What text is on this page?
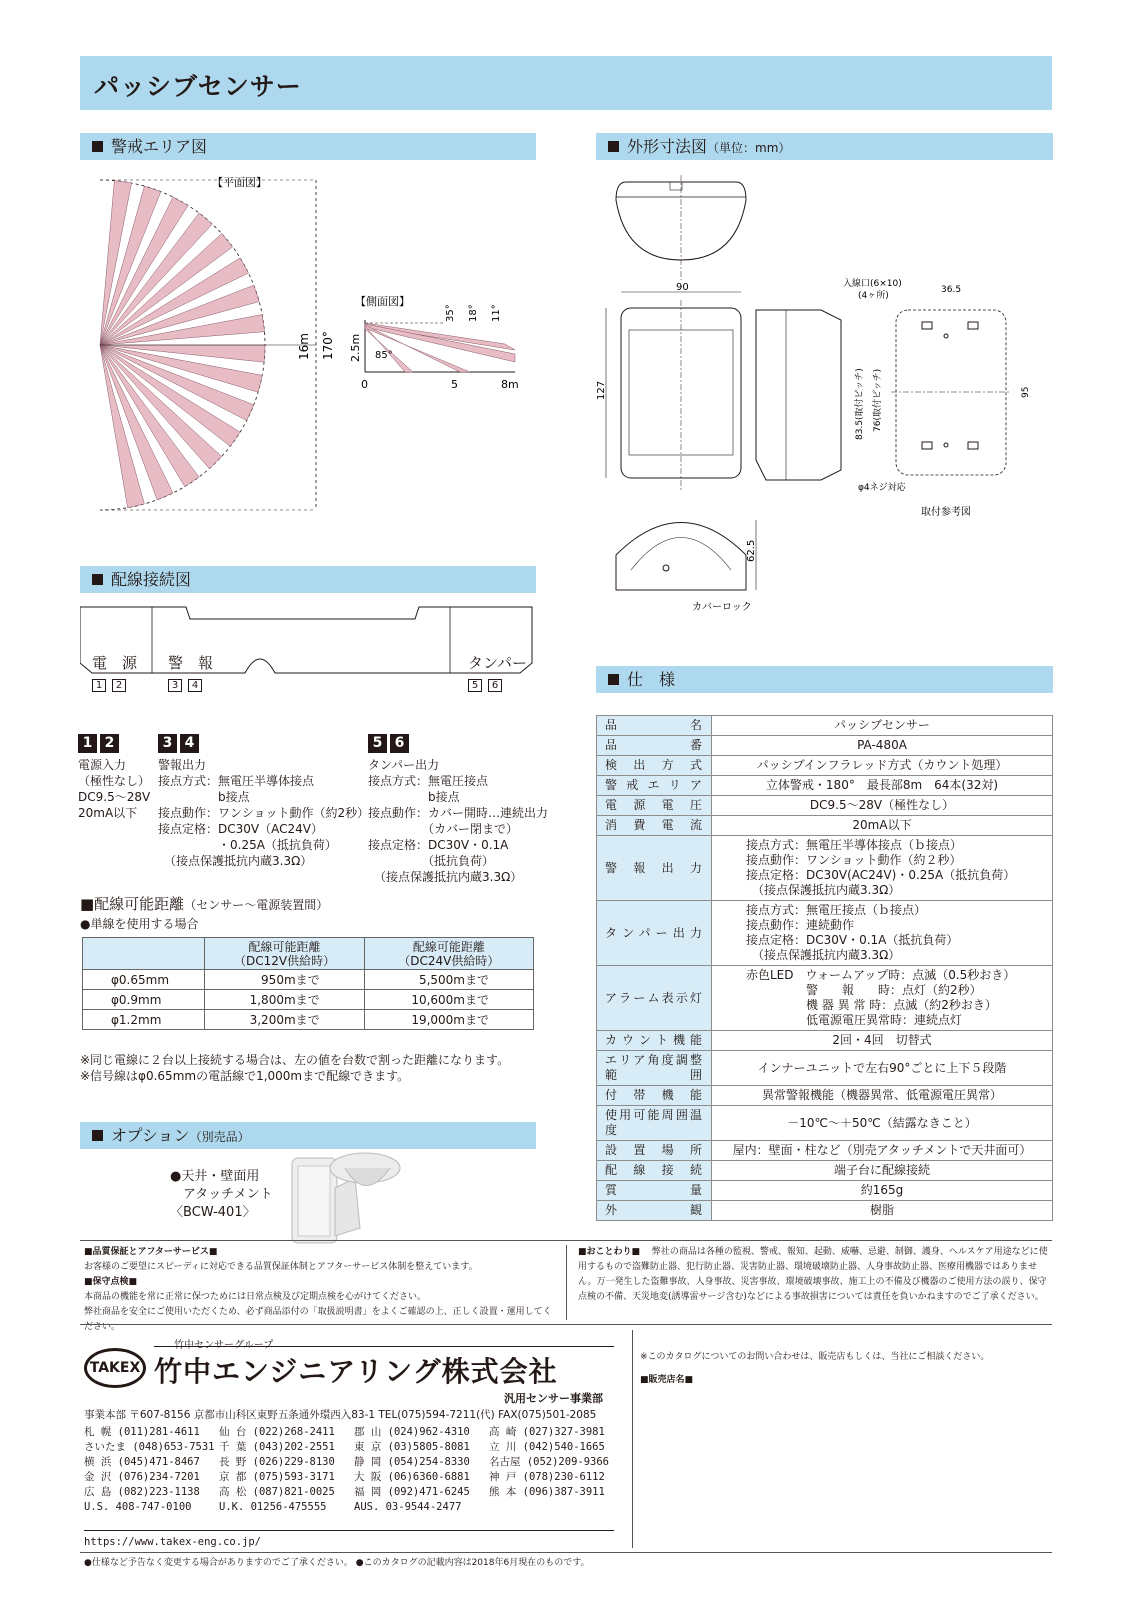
パッシブセンサー
警戒エリア図	外形寸法図（単位：mm）
配線接続図
仕　様
オプション（別売品）
【平面図】
170°
16m
【側面図】
2.5m
35° 18° 11°
85°
0	5	8m
90
127
62.5
カバーロック
入線口(6×10)
(4ヶ所)
36.5
83.5(取付ピッチ) 76(取付ピッチ)	95
φ4ネジ対応
取付参考図
電　源
1 2
警　報
3 4
タンパー
5 6
1 2
電源入力
（極性なし）
DC9.5～28V
20mA以下
3 4
警報出力
接点方式：無電圧半導体接点
　　　　　b接点
接点動作：ワンショット動作（約2秒）
接点定格：DC30V（AC24V）
　　　　　・0.25A（抵抗負荷）
　（接点保護抵抗内蔵3.3Ω）
5 6
タンパー出力
接点方式：無電圧接点
　　　　　b接点
接点動作：カバー開時…連続出力
　　　　　（カバー閉まで）
接点定格：DC30V・0.1A
　　　　　（抵抗負荷）
　（接点保護抵抗内蔵3.3Ω）
■配線可能距離（センサー～電源装置間）
●単線を使用する場合
	配線可能距離
（DC12V供給時）	配線可能距離
（DC24V供給時）
φ0.65mm	950mまで	5,500mまで
φ0.9mm	1,800mまで	10,600mまで
φ1.2mm	3,200mまで	19,000mまで
※同じ電線に２台以上接続する場合は、左の値を台数で割った距離になります。
※信号線はφ0.65mmの電話線で1,000mまで配線できます。
●天井・壁面用
　アタッチメント
〈BCW-401〉
品名	パッシブセンサー
品番	PA-480A
検出方式	パッシブインフラレッド方式（カウント処理）
警戒エリア	立体警戒・180°　最長部8m　64本(32対)
電源電圧	DC9.5～28V（極性なし）
消費電流	20mA以下
警報出力	接点方式：無電圧半導体接点（ｂ接点）
接点動作：ワンショット動作（約２秒）
接点定格：DC30V(AC24V)・0.25A（抵抗負荷）
　（接点保護抵抗内蔵3.3Ω）
タンパー出力	接点方式：無電圧接点（ｂ接点）
接点動作：連続動作
接点定格：DC30V・0.1A（抵抗負荷）
　（接点保護抵抗内蔵3.3Ω）
アラーム表示灯	赤色LED　ウォームアップ時：点滅（0.5秒おき）
　　　　　警　　報　　時：点灯（約2秒）
　　　　　機 器 異 常 時：点滅（約2秒おき）
　　　　　低電源電圧異常時：連続点灯
カウント機能	2回・4回　切替式
エリア角度調整範囲	インナーユニットで左右90°ごとに上下５段階
付帯機能	異常警報機能（機器異常、低電源電圧異常）
使用可能周囲温度	－10℃～＋50℃（結露なきこと）
設置場所	屋内：壁面・柱など（別売アタッチメントで天井面可）
配線接続	端子台に配線接続
質量	約165g
外観	樹脂
■品質保証とアフターサービス■
お客様のご要望にスピーディに対応できる品質保証体制とアフターサービス体制を整えています。
■保守点検■
本商品の機能を常に正常に保つためには日常点検及び定期点検を心がけてください。
弊社商品を安全にご使用いただくため、必ず商品添付の「取扱説明書」をよくご確認の上、正しく設置・運用してください。
■おことわり■ 　弊社の商品は各種の監視、警戒、報知、起動、威嚇、忌避、制御、護身、ヘルスケア用途などに使用するもので盗難防止器、犯行防止器、災害防止器、環境破壊防止器、人身事故防止器、医療用機器ではありません。万一発生した盗難事故、人身事故、災害事故、環境破壊事故、施工上の不備及び機器のご使用方法の誤り、保守点検の不備、天災地変(誘導雷サージ含む)などによる事故損害については責任を負いかねますのでご了承ください。
TAKEX
竹中センサーグループ
竹中エンジニアリング株式会社
汎用センサー事業部
事業本部 〒607-8156 京都市山科区東野五条通外環西入83-1 TEL(075)594-7211(代) FAX(075)501-2085
札 幌 (011)281-4611	仙 台 (022)268-2411	郡 山 (024)962-4310	高 崎 (027)327-3981
さいたま (048)653-7531 千 葉 (043)202-2551	東 京 (03)5805-8081	立 川 (042)540-1665
横 浜 (045)471-8467	長 野 (026)229-8130	静 岡 (054)254-8330	名古屋 (052)209-9366
金 沢 (076)234-7201	京 都 (075)593-3171	大 阪 (06)6360-6881	神 戸 (078)230-6112
広 島 (082)223-1138	高 松 (087)821-0025	福 岡 (092)471-6245	熊 本 (096)387-3911
U.S. 408-747-0100	U.K. 01256-475555	AUS. 03-9544-2477
https://www.takex-eng.co.jp/
※このカタログについてのお問い合わせは、販売店もしくは、当社にご相談ください。
■販売店名■
●仕様など予告なく変更する場合がありますのでご了承ください。 ●このカタログの記載内容は2018年6月現在のものです。
